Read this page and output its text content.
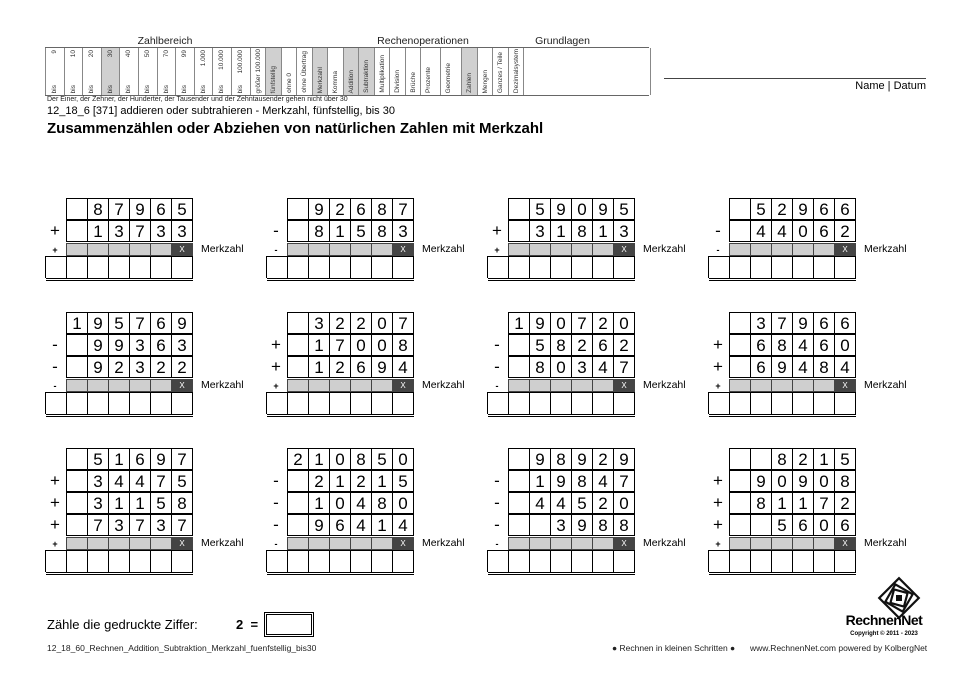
Zahlbereich	Rechenoperationen	Grundlagen
9
bis
10
bis
20
bis
30
bis
40
bis
50
bis
70
bis
99
bis
1.000
bis
10.000
bis
100.000
bis größer 100.000 fünfstellig ohne 0 ohne Übertrag Merkzahl Komma Addition Subtraktion Multiplikation Division Brüche Prozente Geometrie Zahlen Mengen Ganzes / Teile Dezimalsystem
Der Einer, der Zehner, der Hunderter, der Tausender und der Zehntausender gehen nicht über 30
12_18_6 [371] addieren oder subtrahieren - Merkzahl, fünfstellig, bis 30
Zusammenzählen oder Abziehen von natürlichen Zahlen mit Merkzahl
Name | Datum
8 7 9 6 5
+	1 3 7 3 3
+	X	Merkzahl
9 2 6 8 7
-	8 1 5 8 3
-	X	Merkzahl
5 9 0 9 5
+	3 1 8 1 3
+	X	Merkzahl
5 2 9 6 6
-	4 4 0 6 2
-	X	Merkzahl
1 9 5 7 6 9
-	9 9 3 6 3
-	9 2 3 2 2
-	X	Merkzahl
3 2 2 0 7
+	1 7 0 0 8
+	1 2 6 9 4
+	X	Merkzahl
1 9 0 7 2 0
-	5 8 2 6 2
-	8 0 3 4 7
-	X	Merkzahl
3 7 9 6 6
+	6 8 4 6 0
+	6 9 4 8 4
+	X	Merkzahl
5 1 6 9 7
+	3 4 4 7 5
+	3 1 1 5 8
+	7 3 7 3 7
+	X	Merkzahl
2 1 0 8 5 0
-	2 1 2 1 5
-	1 0 4 8 0
-	9 6 4 1 4
-	X	Merkzahl
9 8 9 2 9
-	1 9 8 4 7
-	4 4 5 2 0
-	3 9 8 8
-	X	Merkzahl
8 2 1 5
+	9 0 9 0 8
+	8 1 1 7 2
+	5 6 0 6
+	X	Merkzahl
Zähle die gedruckte Ziffer:	2 =
12_18_60_Rechnen_Addition_Subtraktion_Merkzahl_fuenfstellig_bis30	● Rechnen in kleinen Schritten ● www.RechnenNet.com powered by KolbergNet
RechnenNet
Copyright © 2011 - 2023
